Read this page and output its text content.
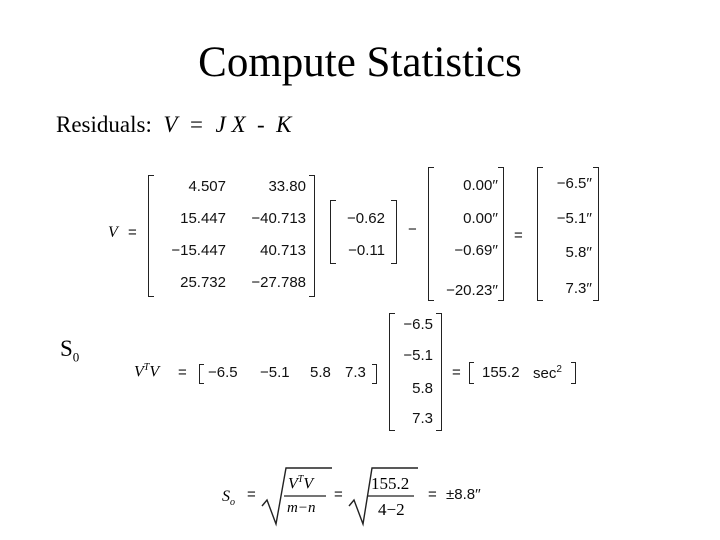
Compute Statistics
Residuals: V  =  J X  -  K
$S_0$
V =
4.507	33.80
15.447 −40.713
−15.447 40.713
25.732 −27.788
−0.62
−0.11
−
0.00′′
0.00′′
−0.69′′
−20.23′′
=
−6.5′′
−5.1′′
5.8′′
7.3′′
$V^TV = -6.5 -5.1$ 5.8 7.3
−6.5
−5.1
5.8
7.3
= 155.2 $\sec^2$
$S_o$ =
$V^TV$
m−n
=
155.2
4−2
= ±8.8′′
